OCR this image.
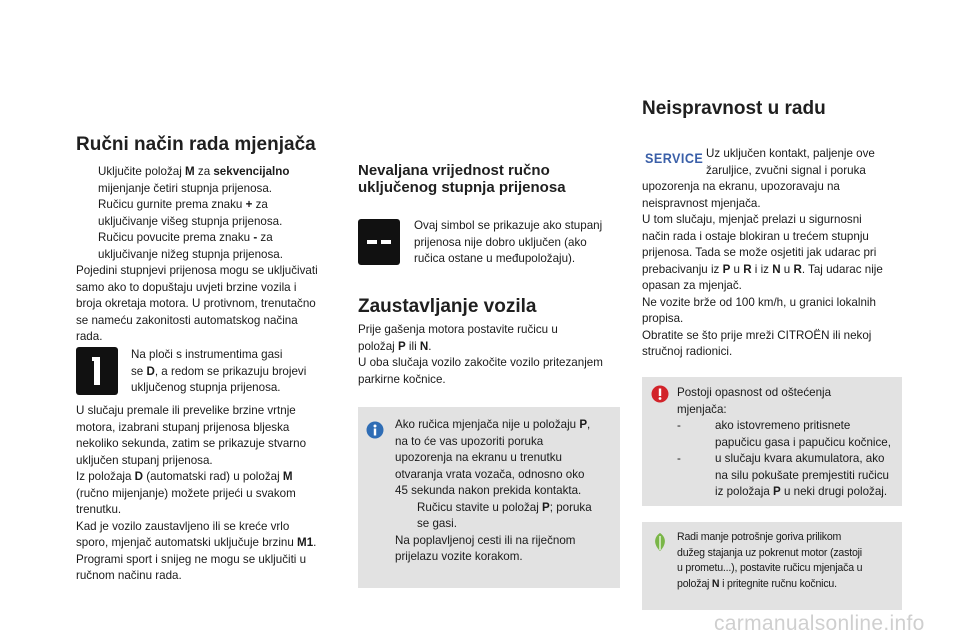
Ručni način rada mjenjača
Uključite položaj M za sekvencijalno
mijenjanje četiri stupnja prijenosa.
Ručicu gurnite prema znaku + za
uključivanje višeg stupnja prijenosa.
Ručicu povucite prema znaku - za
uključivanje nižeg stupnja prijenosa.

Pojedini stupnjevi prijenosa mogu se uključivati
samo ako to dopuštaju uvjeti brzine vozila i
broja okretaja motora. U protivnom, trenutačno
se nameću zakonitosti automatskog načina
rada.

Na ploči s instrumentima gasi
se D, a redom se prikazuju brojevi
uključenog stupnja prijenosa.

U slučaju premale ili prevelike brzine vrtnje
motora, izabrani stupanj prijenosa bljeska
nekoliko sekunda, zatim se prikazuje stvarno
uključen stupanj prijenosa.

Iz položaja D (automatski rad) u položaj M
(ručno mijenjanje) možete prijeći u svakom
trenutku.

Kad je vozilo zaustavljeno ili se kreće vrlo
sporo, mjenjač automatski uključuje brzinu M1.

Programi sport i snijeg ne mogu se uključiti u
ručnom načinu rada.

Nevaljana vrijednost ručno
uključenog stupnja prijenosa
Ovaj simbol se prikazuje ako stupanj
prijenosa nije dobro uključen (ako
ručica ostane u međupoložaju).
Zaustavljanje vozila
Prije gašenja motora postavite ručicu u
položaj P ili N.
U oba slučaja vozilo zakočite vozilo pritezanjem
parkirne kočnice.
Ako ručica mjenjača nije u položaju P,
na to će vas upozoriti poruka
upozorenja na ekranu u trenutku
otvaranja vrata vozača, odnosno oko
45 sekunda nakon prekida kontakta.
Ručicu stavite u položaj P; poruka
se gasi.
Na poplavljenoj cesti ili na riječnom
prijelazu vozite korakom.
Neispravnost u radu
SERVICE Uz uključen kontakt, paljenje ove
žaruljice, zvučni signal i poruka
upozorenja na ekranu, upozoravaju na
neispravnost mjenjača.
U tom slučaju, mjenjač prelazi u sigurnosni
način rada i ostaje blokiran u trećem stupnju
prijenosa. Tada se može osjetiti jak udarac pri
prebacivanju iz P u R i iz N u R. Taj udarac nije
opasan za mjenjač.
Ne vozite brže od 100 km/h, u granici lokalnih
propisa.
Obratite se što prije mreži CITROËN ili nekoj
stručnoj radionici.
Postoji opasnost od oštećenja
mjenjača:
-	ako istovremeno pritisnete
papučicu gasa i papučicu kočnice,
-	u slučaju kvara akumulatora, ako
na silu pokušate premjestiti ručicu
iz položaja P u neki drugi položaj.
Radi manje potrošnje goriva prilikom
dužeg stajanja uz pokrenut motor (zastoji
u prometu...), postavite ručicu mjenjača u
položaj N i pritegnite ručnu kočnicu.
carmanualsonline.info
